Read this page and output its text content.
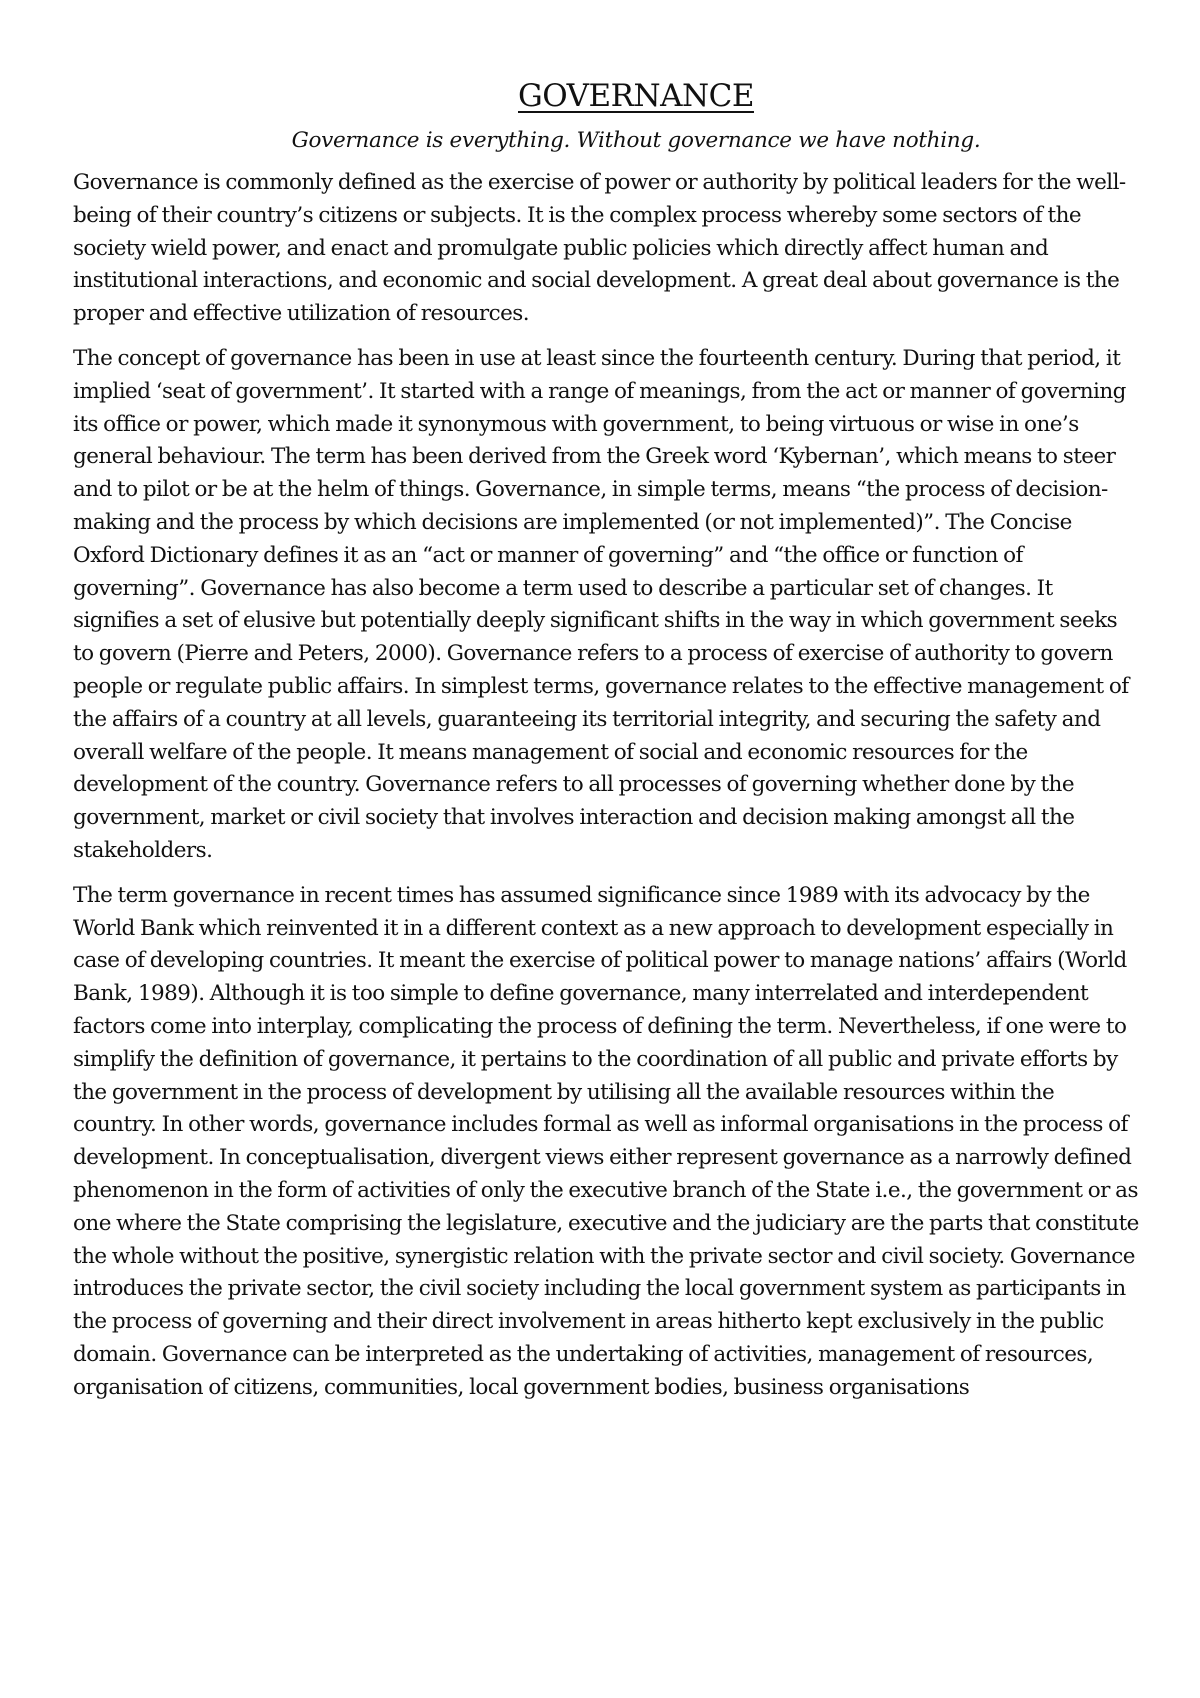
GOVERNANCE

Governance is everything. Without governance we have nothing.

Governance is commonly defined as the exercise of power or authority by political leaders for the well-being of their country’s citizens or subjects. It is the complex process whereby some sectors of the society wield power, and enact and promulgate public policies which directly affect human and institutional interactions, and economic and social development. A great deal about governance is the proper and effective utilization of resources.

The concept of governance has been in use at least since the fourteenth century. During that period, it implied ‘seat of government’. It started with a range of meanings, from the act or manner of governing its office or power, which made it synonymous with government, to being virtuous or wise in one’s general behaviour. The term has been derived from the Greek word ‘Kybernan’, which means to steer and to pilot or be at the helm of things. Governance, in simple terms, means “the process of decision-making and the process by which decisions are implemented (or not implemented)”. The Concise Oxford Dictionary defines it as an “act or manner of governing” and “the office or function of governing”. Governance has also become a term used to describe a particular set of changes. It signifies a set of elusive but potentially deeply significant shifts in the way in which government seeks to govern (Pierre and Peters, 2000). Governance refers to a process of exercise of authority to govern people or regulate public affairs. In simplest terms, governance relates to the effective management of the affairs of a country at all levels, guaranteeing its territorial integrity, and securing the safety and overall welfare of the people. It means management of social and economic resources for the development of the country. Governance refers to all processes of governing whether done by the government, market or civil society that involves interaction and decision making amongst all the stakeholders.

The term governance in recent times has assumed significance since 1989 with its advocacy by the World Bank which reinvented it in a different context as a new approach to development especially in case of developing countries. It meant the exercise of political power to manage nations’ affairs (World Bank, 1989). Although it is too simple to define governance, many interrelated and interdependent factors come into interplay, complicating the process of defining the term. Nevertheless, if one were to simplify the definition of governance, it pertains to the coordination of all public and private efforts by the government in the process of development by utilising all the available resources within the country. In other words, governance includes formal as well as informal organisations in the process of development. In conceptualisation, divergent views either represent governance as a narrowly defined phenomenon in the form of activities of only the executive branch of the State i.e., the government or as one where the State comprising the legislature, executive and the judiciary are the parts that constitute the whole without the positive, synergistic relation with the private sector and civil society. Governance introduces the private sector, the civil society including the local government system as participants in the process of governing and their direct involvement in areas hitherto kept exclusively in the public domain. Governance can be interpreted as the undertaking of activities, management of resources, organisation of citizens, communities, local government bodies, business organisations
